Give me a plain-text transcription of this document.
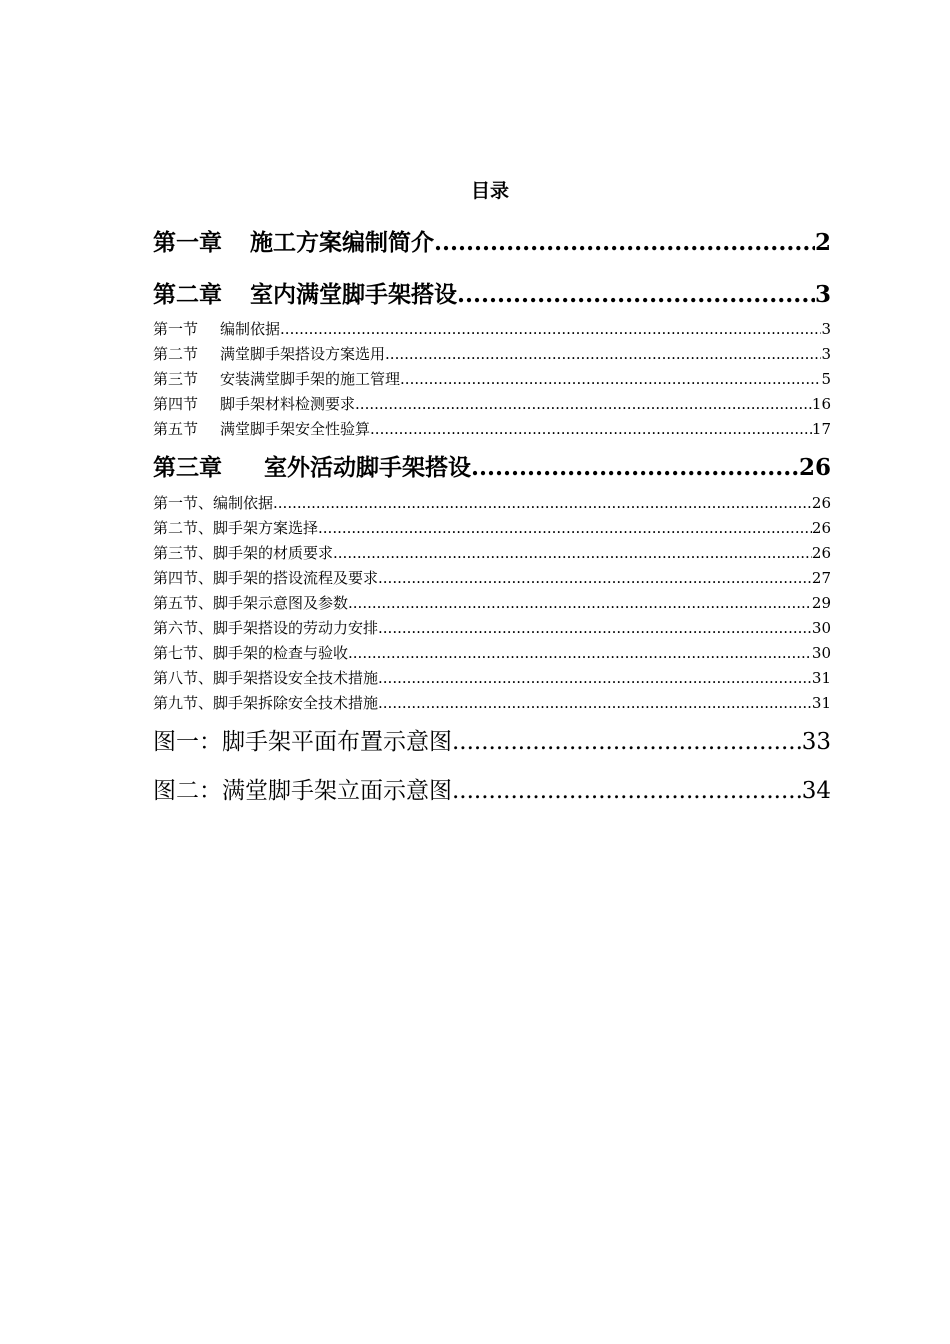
目录
第一章 施工方案编制简介 .....	2
第二章 室内满堂脚手架搭设 .....	3
第一节 编制依据 .....	3
第二节 满堂脚手架搭设方案选用 .....	3
第三节 安装满堂脚手架的施工管理 .....	5
第四节 脚手架材料检测要求 .....	16
第五节 满堂脚手架安全性验算 .....	17
第三章 室外活动脚手架搭设 .....	26
第一节、编制依据 .....	26
第二节、脚手架方案选择 .....	26
第三节、脚手架的材质要求 .....	26
第四节、脚手架的搭设流程及要求 .....	27
第五节、脚手架示意图及参数 .....	29
第六节、脚手架搭设的劳动力安排 .....	30
第七节、脚手架的检查与验收 .....	30
第八节、脚手架搭设安全技术措施 .....	31
第九节、脚手架拆除安全技术措施 .....	31
图一：脚手架平面布置示意图 .....	33
图二：满堂脚手架立面示意图 .....	34
